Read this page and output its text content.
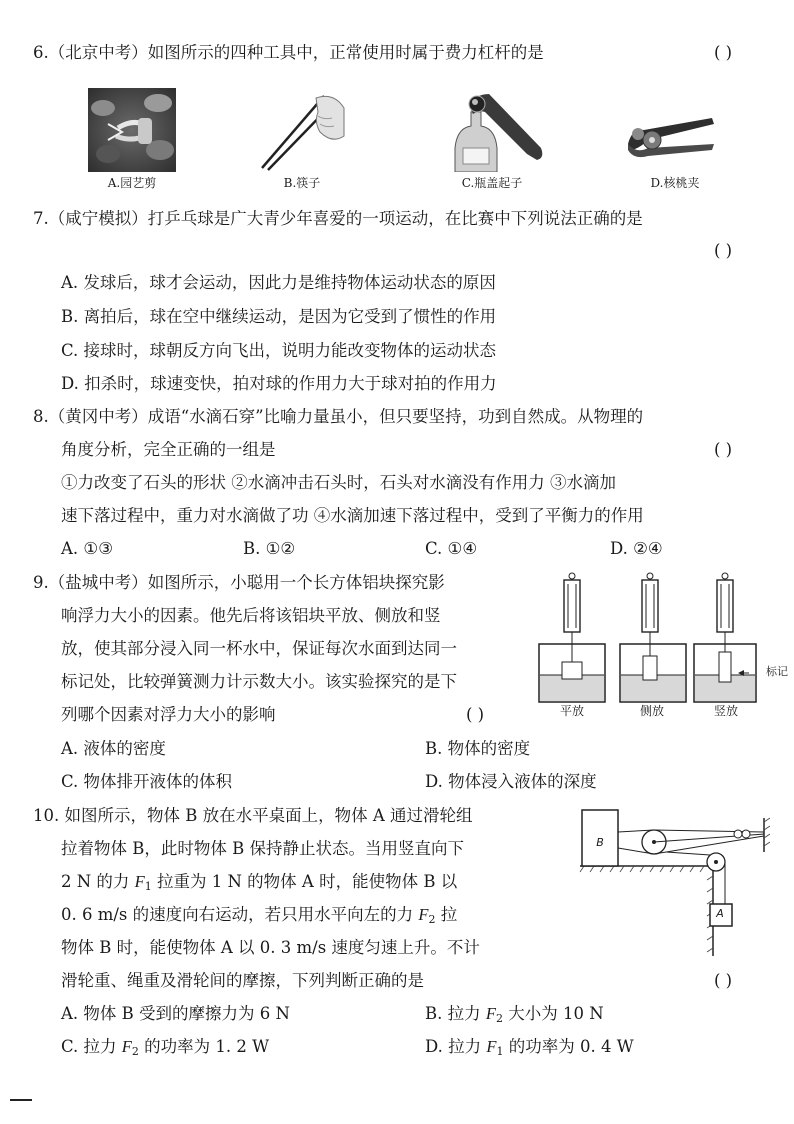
6.（北京中考）如图所示的四种工具中，正常使用时属于费力杠杆的是	( )
A.园艺剪	B.筷子	C.瓶盖起子	D.核桃夹
7.（咸宁模拟）打乒乓球是广大青少年喜爱的一项运动，在比赛中下列说法正确的是
( )
A. 发球后，球才会运动，因此力是维持物体运动状态的原因
B. 离拍后，球在空中继续运动，是因为它受到了惯性的作用
C. 接球时，球朝反方向飞出，说明力能改变物体的运动状态
D. 扣杀时，球速变快，拍对球的作用力大于球对拍的作用力
8.（黄冈中考）成语“水滴石穿”比喻力量虽小，但只要坚持，功到自然成。从物理的
角度分析，完全正确的一组是	( )
①力改变了石头的形状 ②水滴冲击石头时，石头对水滴没有作用力 ③水滴加
速下落过程中，重力对水滴做了功 ④水滴加速下落过程中，受到了平衡力的作用
A. ①③	B. ①②	C. ①④	D. ②④
9.（盐城中考）如图所示，小聪用一个长方体铝块探究影
响浮力大小的因素。他先后将该铝块平放、侧放和竖
放，使其部分浸入同一杯水中，保证每次水面到达同一
标记处，比较弹簧测力计示数大小。该实验探究的是下
列哪个因素对浮力大小的影响	( )
标记
平放	侧放	竖放
A. 液体的密度	B. 物体的密度
C. 物体排开液体的体积	D. 物体浸入液体的深度
10. 如图所示，物体 B 放在水平桌面上，物体 A 通过滑轮组
拉着物体 B，此时物体 B 保持静止状态。当用竖直向下
2 N 的力 $F_1$ 拉重为 1 N 的物体 A 时，能使物体 B 以
0. 6 m/s 的速度向右运动，若只用水平向左的力 $F_2$ 拉
物体 B 时，能使物体 A 以 0. 3 m/s 速度匀速上升。不计
滑轮重、绳重及滑轮间的摩擦，下列判断正确的是	( )
B
A
A. 物体 B 受到的摩擦力为 6 N	B. 拉力 $F_2$ 大小为 10 N
C. 拉力 $F_2$ 的功率为 1. 2 W	D. 拉力 $F_1$ 的功率为 0. 4 W
